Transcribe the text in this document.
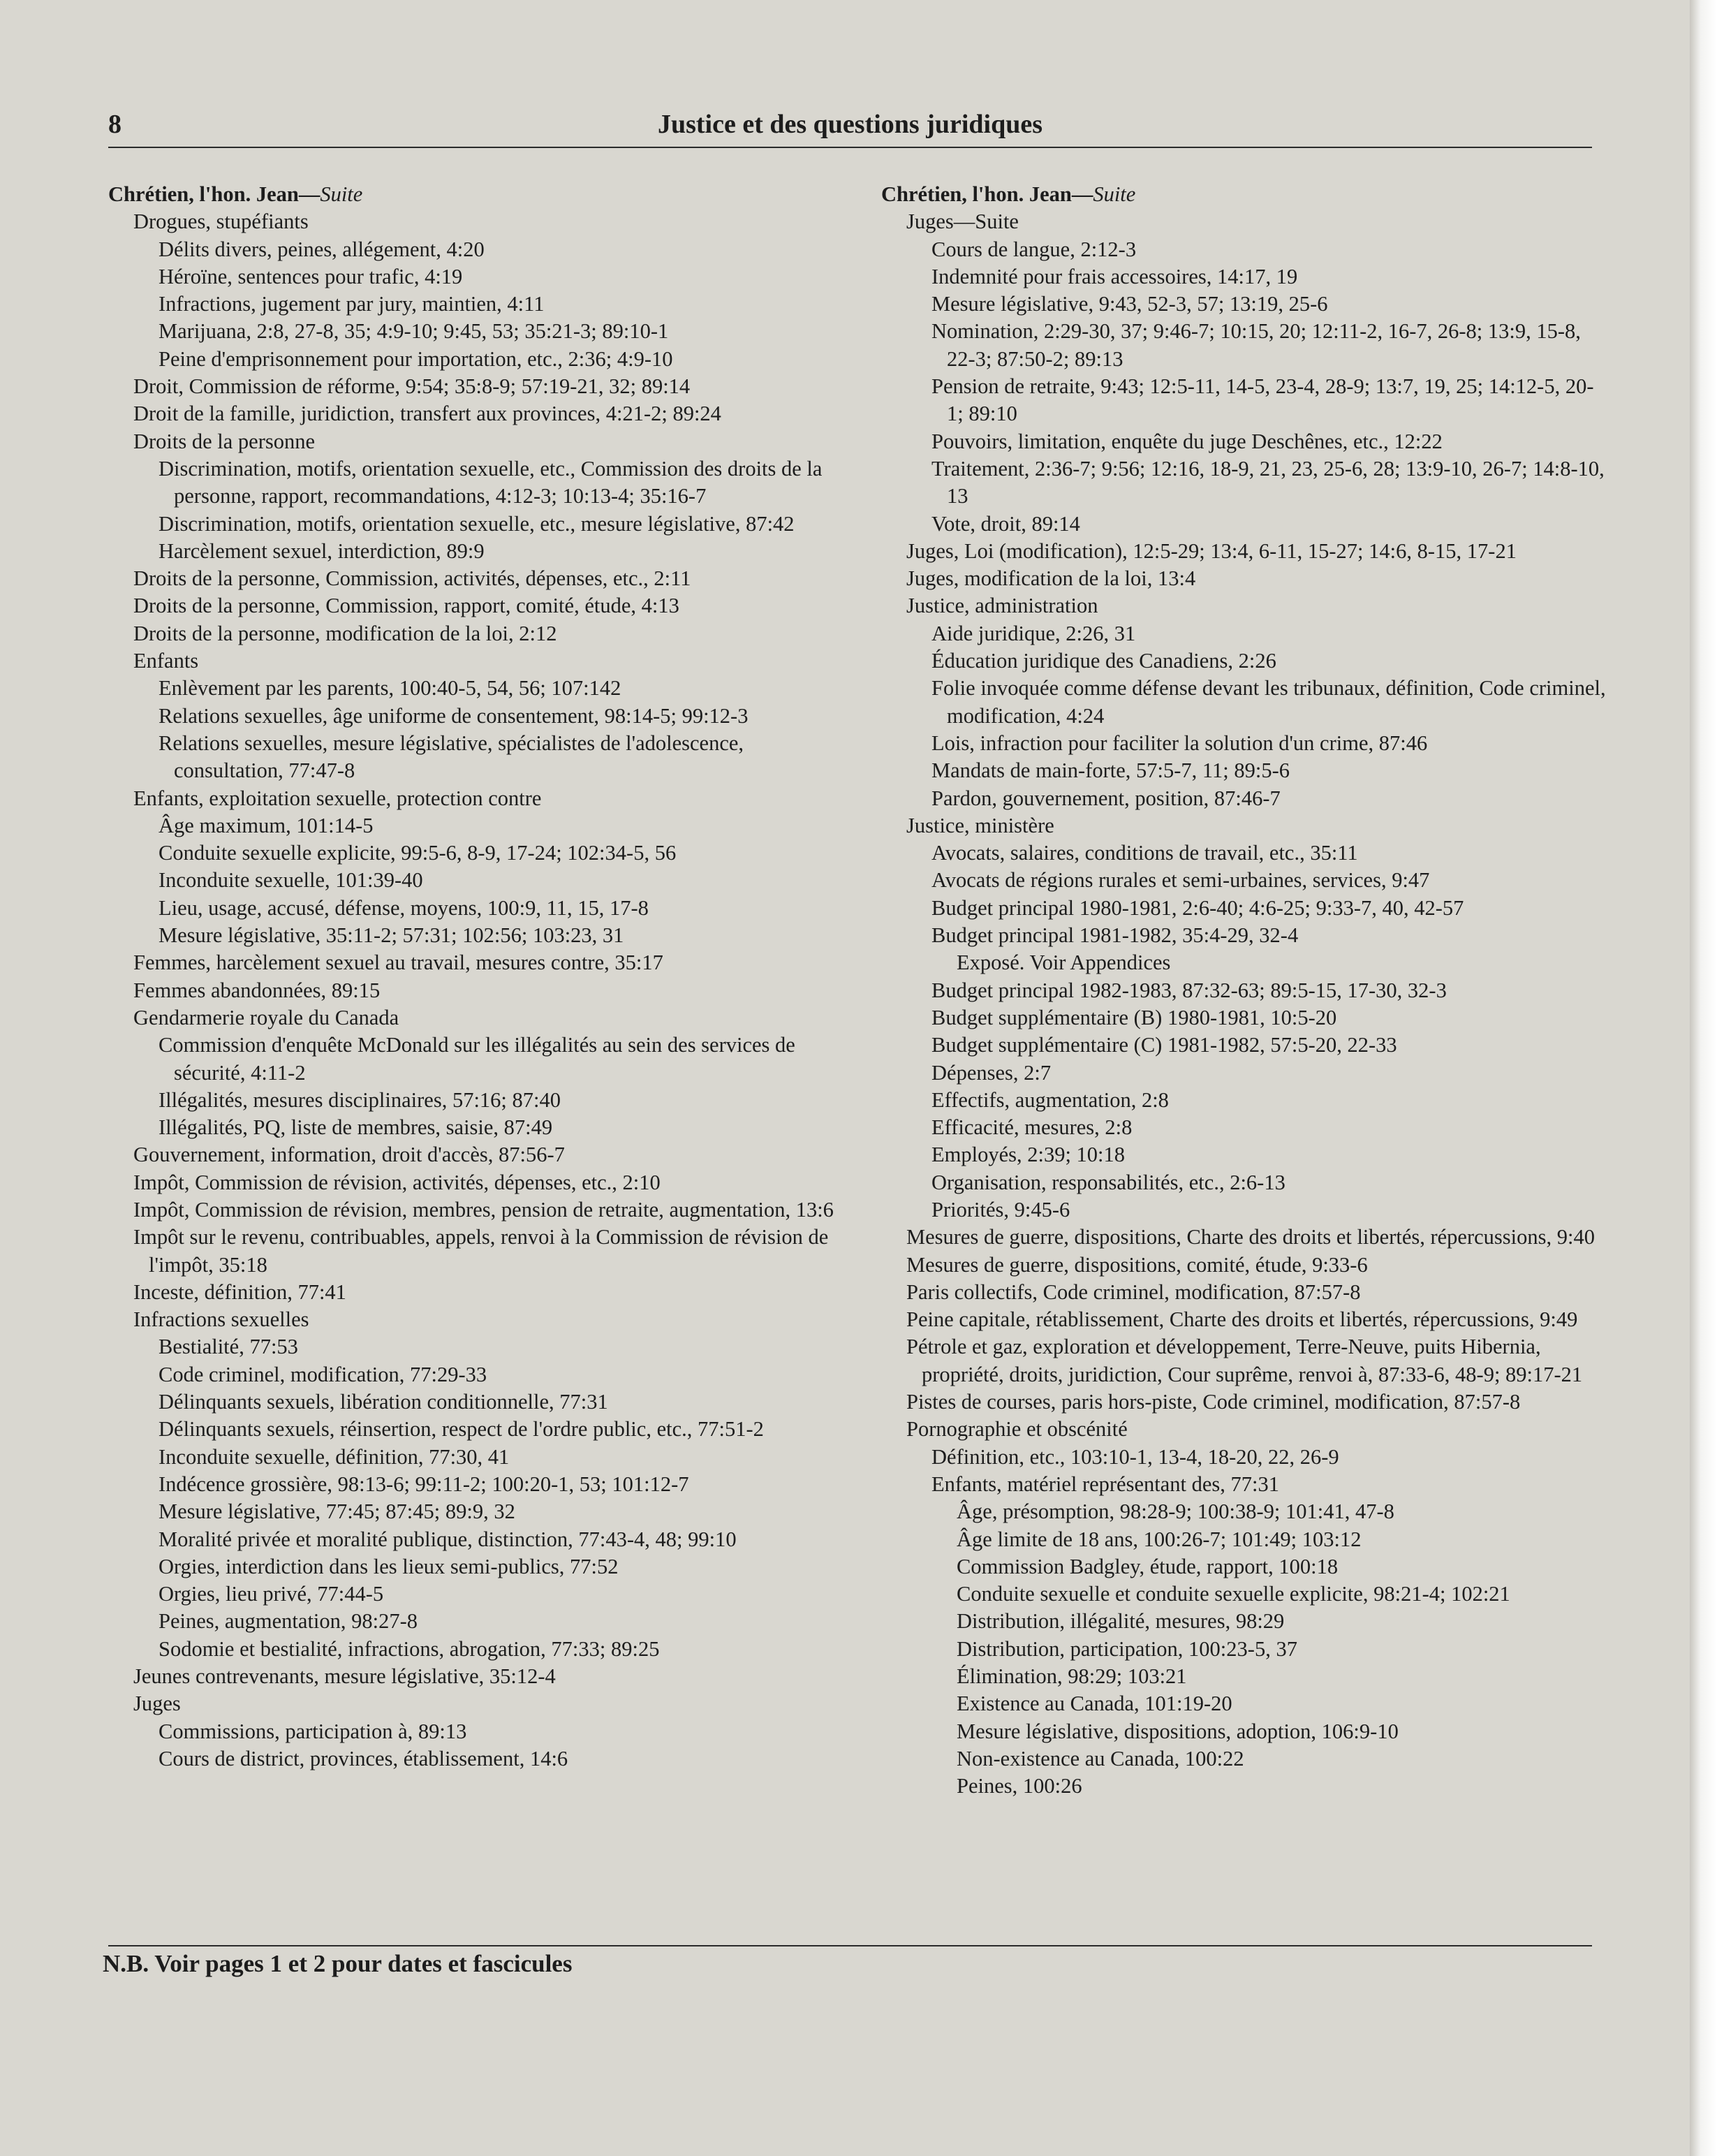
8	Justice et des questions juridiques
Chrétien, l'hon. Jean—Suite
Drogues, stupéfiants
Délits divers, peines, allégement, 4:20
Héroïne, sentences pour trafic, 4:19
Infractions, jugement par jury, maintien, 4:11
Marijuana, 2:8, 27-8, 35; 4:9-10; 9:45, 53; 35:21-3; 89:10-1
Peine d'emprisonnement pour importation, etc., 2:36; 4:9-10
Droit, Commission de réforme, 9:54; 35:8-9; 57:19-21, 32; 89:14
Droit de la famille, juridiction, transfert aux provinces, 4:21-2; 89:24
Droits de la personne
Discrimination, motifs, orientation sexuelle, etc., Commission des droits de la personne, rapport, recommandations, 4:12-3; 10:13-4; 35:16-7
Discrimination, motifs, orientation sexuelle, etc., mesure législative, 87:42
Harcèlement sexuel, interdiction, 89:9
Droits de la personne, Commission, activités, dépenses, etc., 2:11
Droits de la personne, Commission, rapport, comité, étude, 4:13
Droits de la personne, modification de la loi, 2:12
Enfants
Enlèvement par les parents, 100:40-5, 54, 56; 107:142
Relations sexuelles, âge uniforme de consentement, 98:14-5; 99:12-3
Relations sexuelles, mesure législative, spécialistes de l'adolescence, consultation, 77:47-8
Enfants, exploitation sexuelle, protection contre
Âge maximum, 101:14-5
Conduite sexuelle explicite, 99:5-6, 8-9, 17-24; 102:34-5, 56
Inconduite sexuelle, 101:39-40
Lieu, usage, accusé, défense, moyens, 100:9, 11, 15, 17-8
Mesure législative, 35:11-2; 57:31; 102:56; 103:23, 31
Femmes, harcèlement sexuel au travail, mesures contre, 35:17
Femmes abandonnées, 89:15
Gendarmerie royale du Canada
Commission d'enquête McDonald sur les illégalités au sein des services de sécurité, 4:11-2
Illégalités, mesures disciplinaires, 57:16; 87:40
Illégalités, PQ, liste de membres, saisie, 87:49
Gouvernement, information, droit d'accès, 87:56-7
Impôt, Commission de révision, activités, dépenses, etc., 2:10
Impôt, Commission de révision, membres, pension de retraite, augmentation, 13:6
Impôt sur le revenu, contribuables, appels, renvoi à la Commission de révision de l'impôt, 35:18
Inceste, définition, 77:41
Infractions sexuelles
Bestialité, 77:53
Code criminel, modification, 77:29-33
Délinquants sexuels, libération conditionnelle, 77:31
Délinquants sexuels, réinsertion, respect de l'ordre public, etc., 77:51-2
Inconduite sexuelle, définition, 77:30, 41
Indécence grossière, 98:13-6; 99:11-2; 100:20-1, 53; 101:12-7
Mesure législative, 77:45; 87:45; 89:9, 32
Moralité privée et moralité publique, distinction, 77:43-4, 48; 99:10
Orgies, interdiction dans les lieux semi-publics, 77:52
Orgies, lieu privé, 77:44-5
Peines, augmentation, 98:27-8
Sodomie et bestialité, infractions, abrogation, 77:33; 89:25
Jeunes contrevenants, mesure législative, 35:12-4
Juges
Commissions, participation à, 89:13
Cours de district, provinces, établissement, 14:6
Chrétien, l'hon. Jean—Suite
Juges—Suite
Cours de langue, 2:12-3
Indemnité pour frais accessoires, 14:17, 19
Mesure législative, 9:43, 52-3, 57; 13:19, 25-6
Nomination, 2:29-30, 37; 9:46-7; 10:15, 20; 12:11-2, 16-7, 26-8; 13:9, 15-8, 22-3; 87:50-2; 89:13
Pension de retraite, 9:43; 12:5-11, 14-5, 23-4, 28-9; 13:7, 19, 25; 14:12-5, 20-1; 89:10
Pouvoirs, limitation, enquête du juge Deschênes, etc., 12:22
Traitement, 2:36-7; 9:56; 12:16, 18-9, 21, 23, 25-6, 28; 13:9-10, 26-7; 14:8-10, 13
Vote, droit, 89:14
Juges, Loi (modification), 12:5-29; 13:4, 6-11, 15-27; 14:6, 8-15, 17-21
Juges, modification de la loi, 13:4
Justice, administration
Aide juridique, 2:26, 31
Éducation juridique des Canadiens, 2:26
Folie invoquée comme défense devant les tribunaux, définition, Code criminel, modification, 4:24
Lois, infraction pour faciliter la solution d'un crime, 87:46
Mandats de main-forte, 57:5-7, 11; 89:5-6
Pardon, gouvernement, position, 87:46-7
Justice, ministère
Avocats, salaires, conditions de travail, etc., 35:11
Avocats de régions rurales et semi-urbaines, services, 9:47
Budget principal 1980-1981, 2:6-40; 4:6-25; 9:33-7, 40, 42-57
Budget principal 1981-1982, 35:4-29, 32-4
Exposé. Voir Appendices
Budget principal 1982-1983, 87:32-63; 89:5-15, 17-30, 32-3
Budget supplémentaire (B) 1980-1981, 10:5-20
Budget supplémentaire (C) 1981-1982, 57:5-20, 22-33
Dépenses, 2:7
Effectifs, augmentation, 2:8
Efficacité, mesures, 2:8
Employés, 2:39; 10:18
Organisation, responsabilités, etc., 2:6-13
Priorités, 9:45-6
Mesures de guerre, dispositions, Charte des droits et libertés, répercussions, 9:40
Mesures de guerre, dispositions, comité, étude, 9:33-6
Paris collectifs, Code criminel, modification, 87:57-8
Peine capitale, rétablissement, Charte des droits et libertés, répercussions, 9:49
Pétrole et gaz, exploration et développement, Terre-Neuve, puits Hibernia, propriété, droits, juridiction, Cour suprême, renvoi à, 87:33-6, 48-9; 89:17-21
Pistes de courses, paris hors-piste, Code criminel, modification, 87:57-8
Pornographie et obscénité
Définition, etc., 103:10-1, 13-4, 18-20, 22, 26-9
Enfants, matériel représentant des, 77:31
Âge, présomption, 98:28-9; 100:38-9; 101:41, 47-8
Âge limite de 18 ans, 100:26-7; 101:49; 103:12
Commission Badgley, étude, rapport, 100:18
Conduite sexuelle et conduite sexuelle explicite, 98:21-4; 102:21
Distribution, illégalité, mesures, 98:29
Distribution, participation, 100:23-5, 37
Élimination, 98:29; 103:21
Existence au Canada, 101:19-20
Mesure législative, dispositions, adoption, 106:9-10
Non-existence au Canada, 100:22
Peines, 100:26
N.B. Voir pages 1 et 2 pour dates et fascicules
